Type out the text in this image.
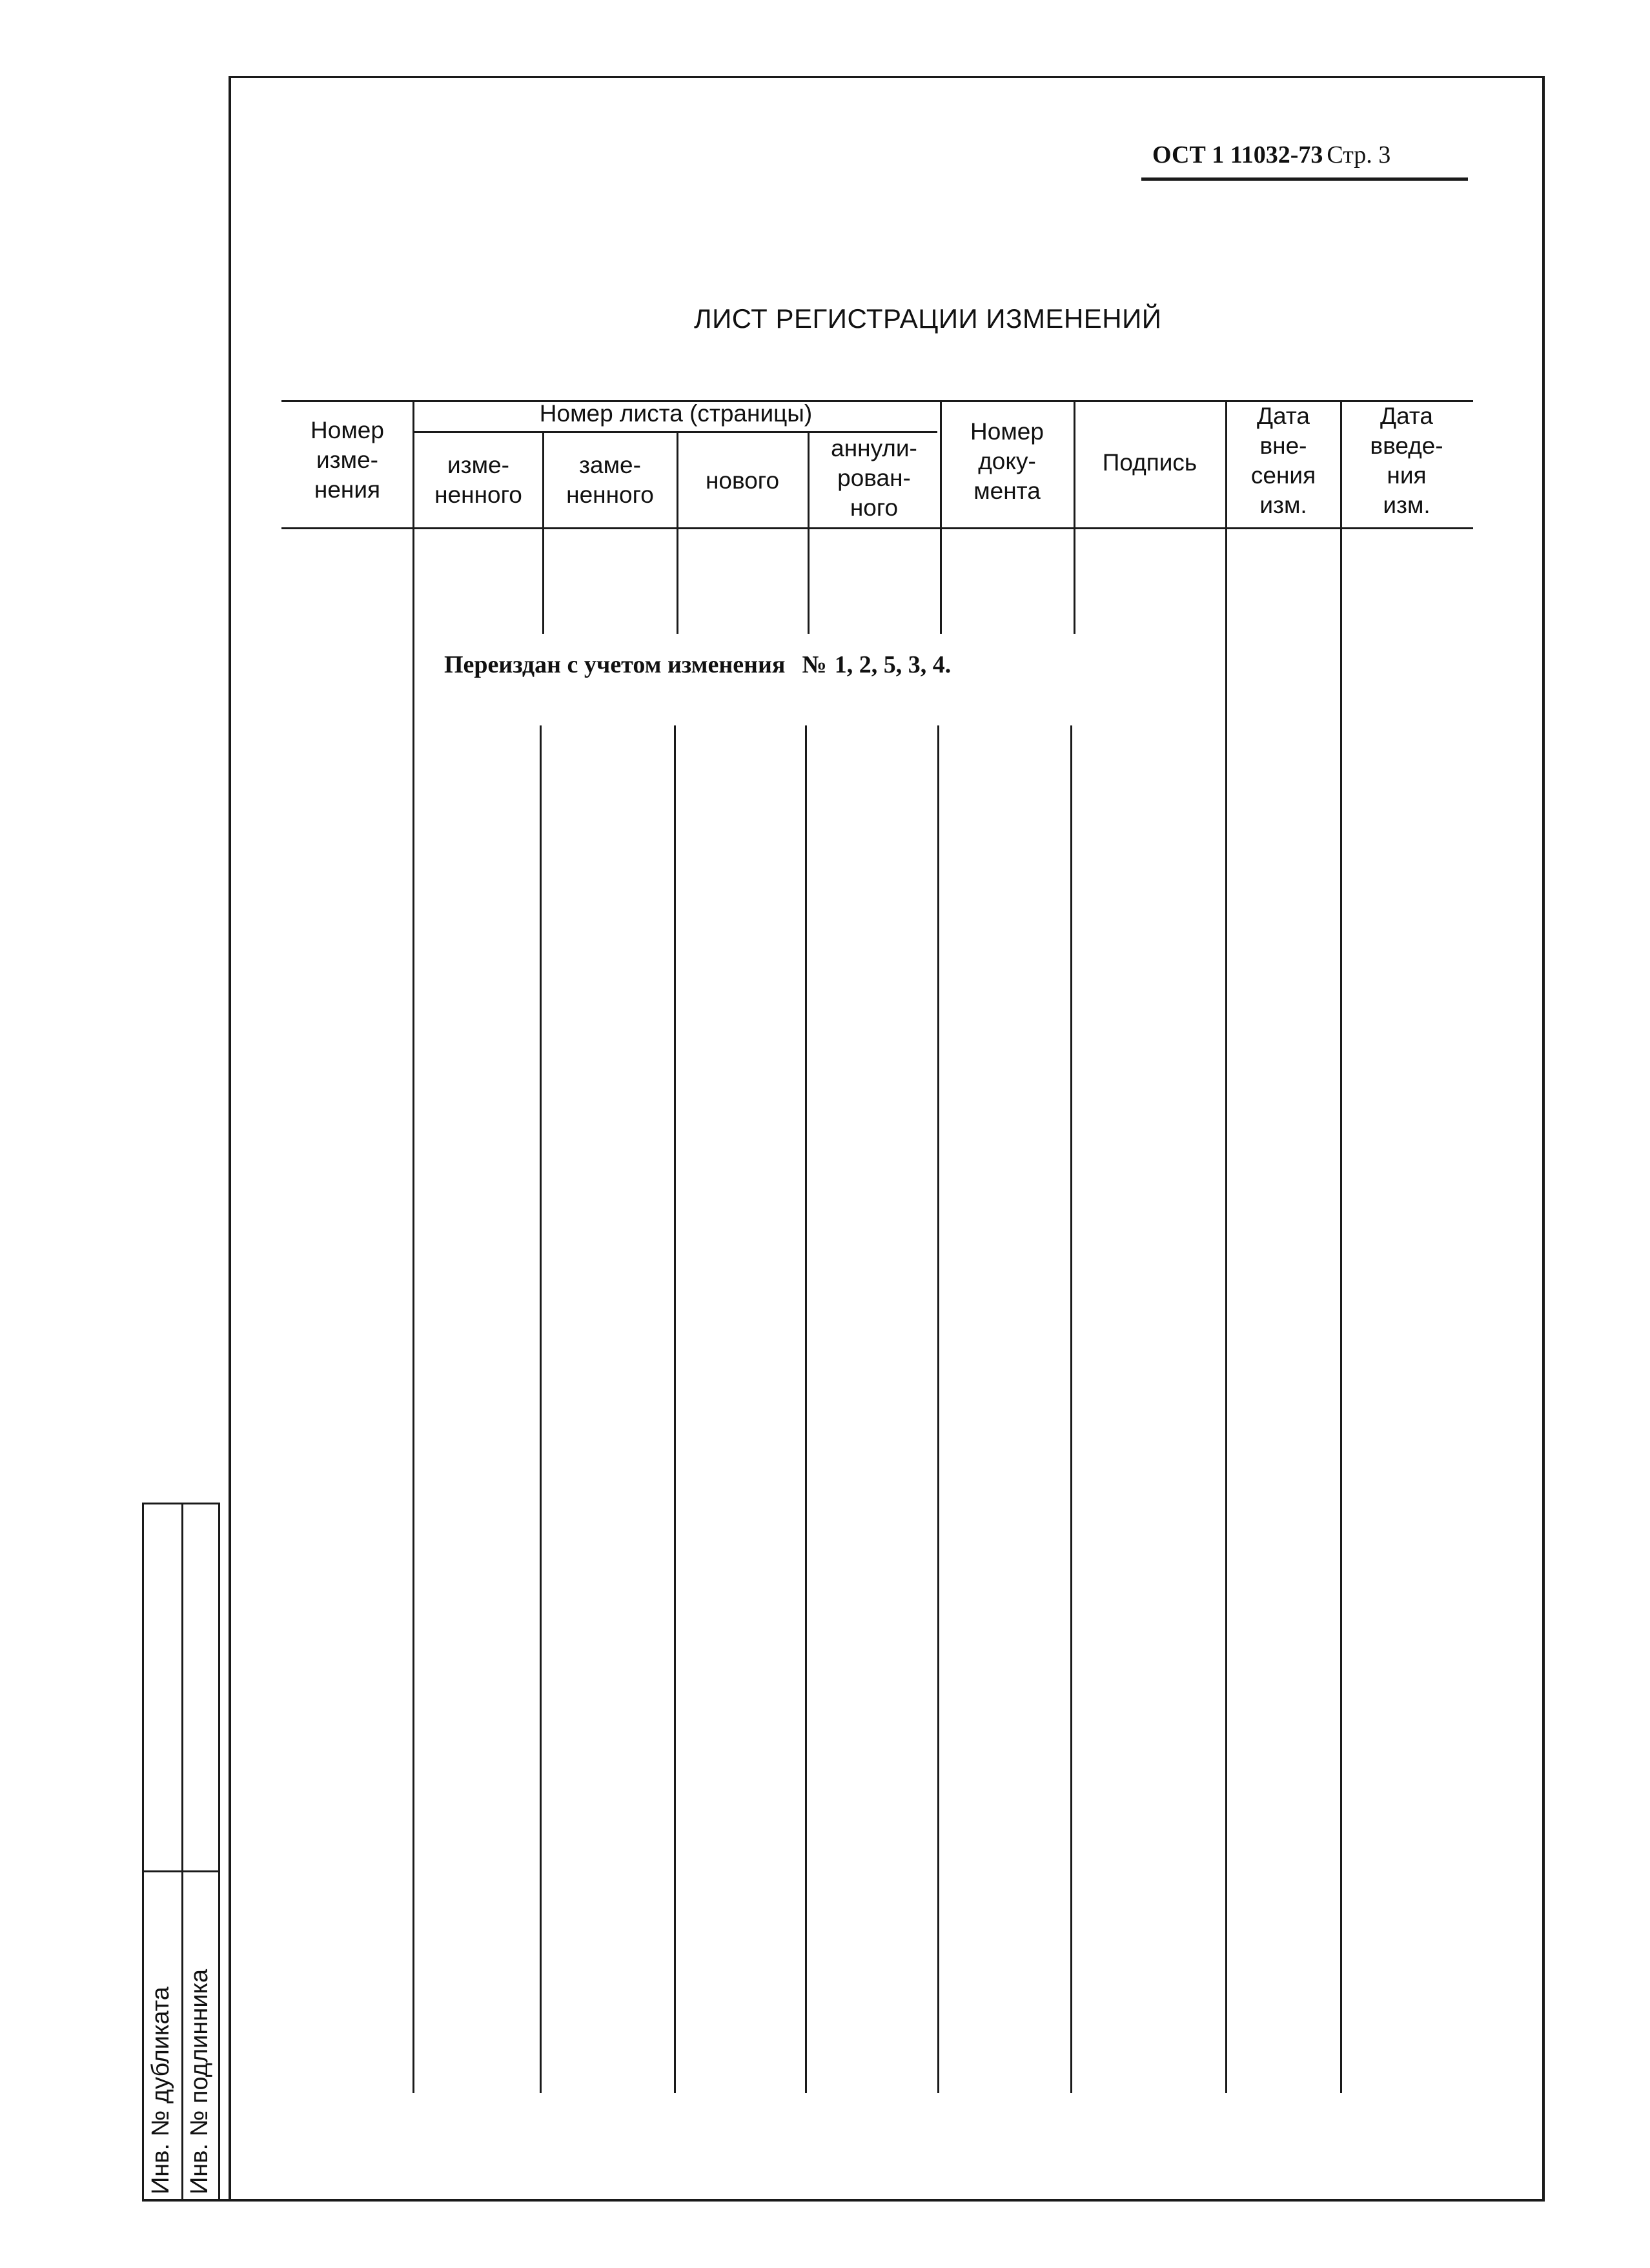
ОСТ 1 11032-73 Стр. 3
ЛИСТ РЕГИСТРАЦИИ ИЗМЕНЕНИЙ
Номер
изме-
нения
Номер листа (страницы)
изме-
ненного
заме-
ненного
нового
аннули-
рован-
ного
Номер
доку-
мента
Подпись
Дата
вне-
сения
изм.
Дата
введе-
ния
изм.
Переиздан с учетом изменения № 1, 2, 5, 3, 4.
Инв. № дубликата Инв. № подлинника
